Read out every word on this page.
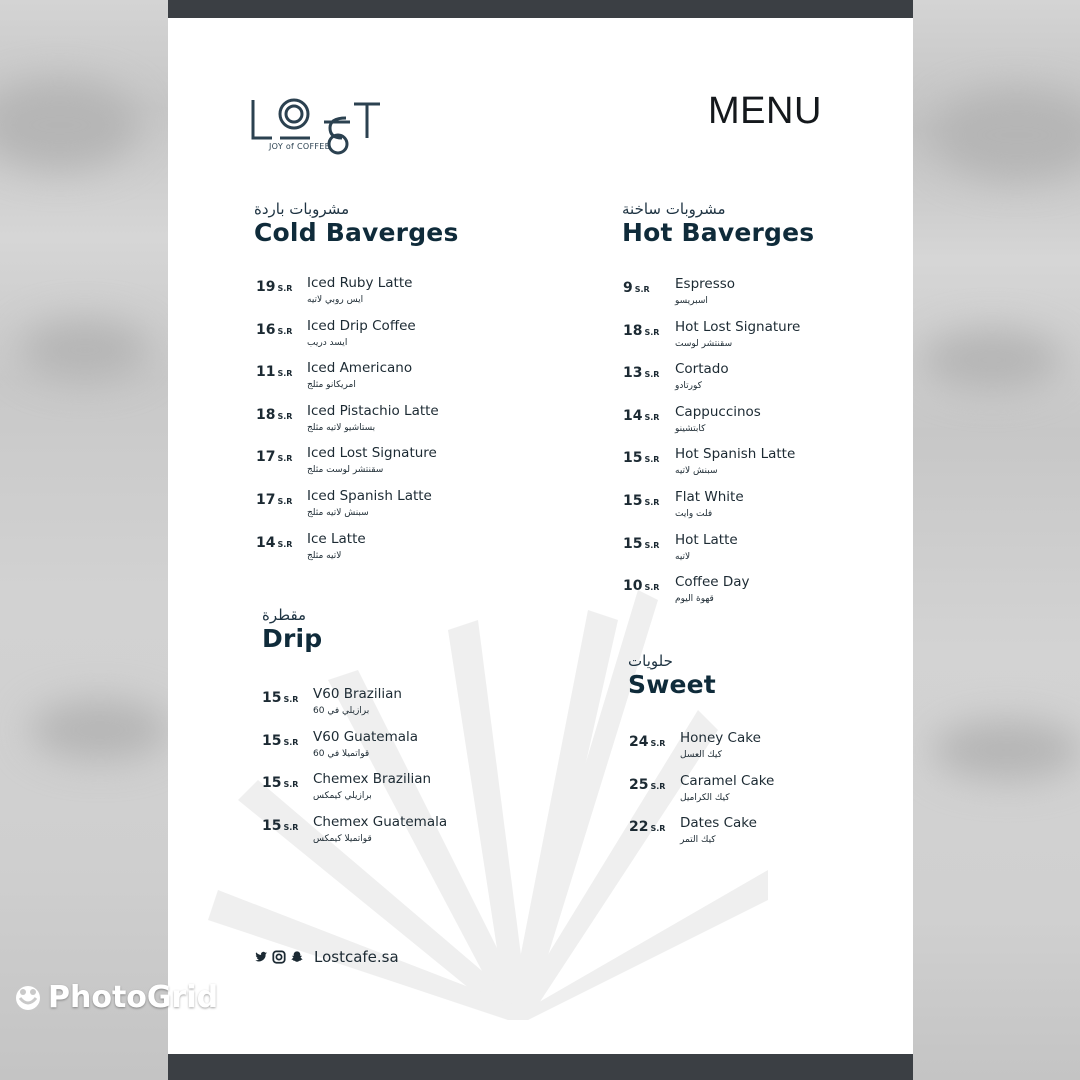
JOY of COFFEE
MENU
مشروبات باردة
Cold Baverges
19 S.R Iced Ruby Latte
ايس روبي لاتيه
16 S.R Iced Drip Coffee
ايسد دريب
11 S.R Iced Americano
امريكانو مثلج
18 S.R Iced Pistachio Latte
بستاشيو لاتيه مثلج
17 S.R Iced Lost Signature
سقنتشر لوست مثلج
17 S.R Iced Spanish Latte
سبنش لاتيه مثلج
14 S.R Ice Latte
لاتيه مثلج
مشروبات ساخنة
Hot Baverges
9 S.R Espresso
اسبريسو
18 S.R Hot Lost Signature
سقنتشر لوست
13 S.R Cortado
كورتادو
14 S.R Cappuccinos
كابتشينو
15 S.R Hot Spanish Latte
سبنش لاتيه
15 S.R Flat White
فلت وايت
15 S.R Hot Latte
لاتيه
10 S.R Coffee Day
قهوة اليوم
مقطرة
Drip
15 S.R V60 Brazilian
برازيلي في 60
15 S.R V60 Guatemala
قواتميلا في 60
15 S.R Chemex Brazilian
برازيلي كيمكس
15 S.R Chemex Guatemala
قواتميلا كيمكس
حلويات
Sweet
24 S.R Honey Cake
كيك العسل
25 S.R Caramel Cake
كيك الكراميل
22 S.R Dates Cake
كيك التمر
Lostcafe.sa
PhotoGrid
